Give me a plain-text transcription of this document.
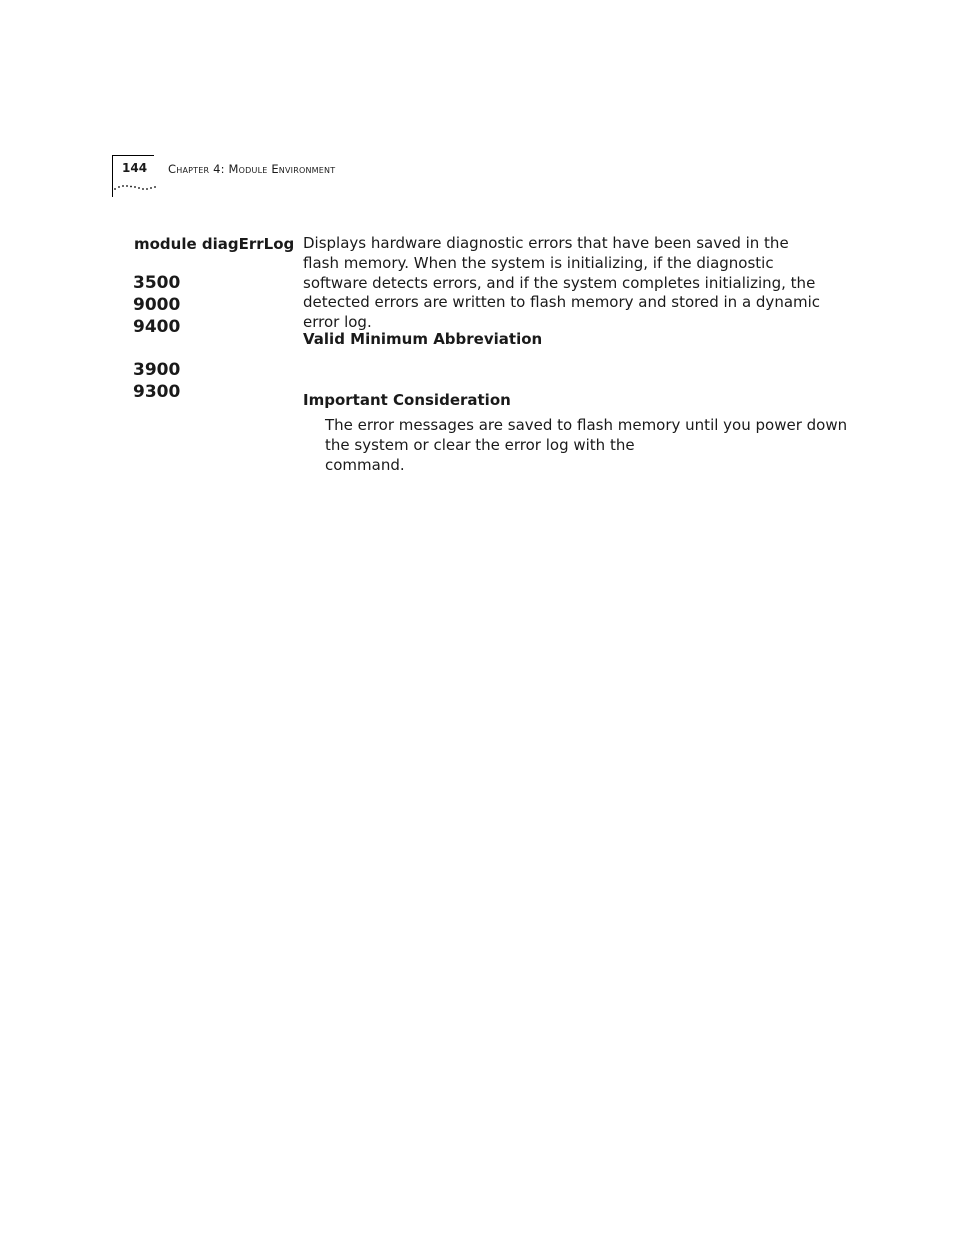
144 Chapter 4: Module Environment
module diagErrLog
3500
9000
9400
3900
9300
Displays hardware diagnostic errors that have been saved in the flash memory. When the system is initializing, if the diagnostic software detects errors, and if the system completes initializing, the detected errors are written to flash memory and stored in a dynamic error log.
Valid Minimum Abbreviation
Important Consideration
The error messages are saved to flash memory until you power down
the system or clear the error log with the
command.
